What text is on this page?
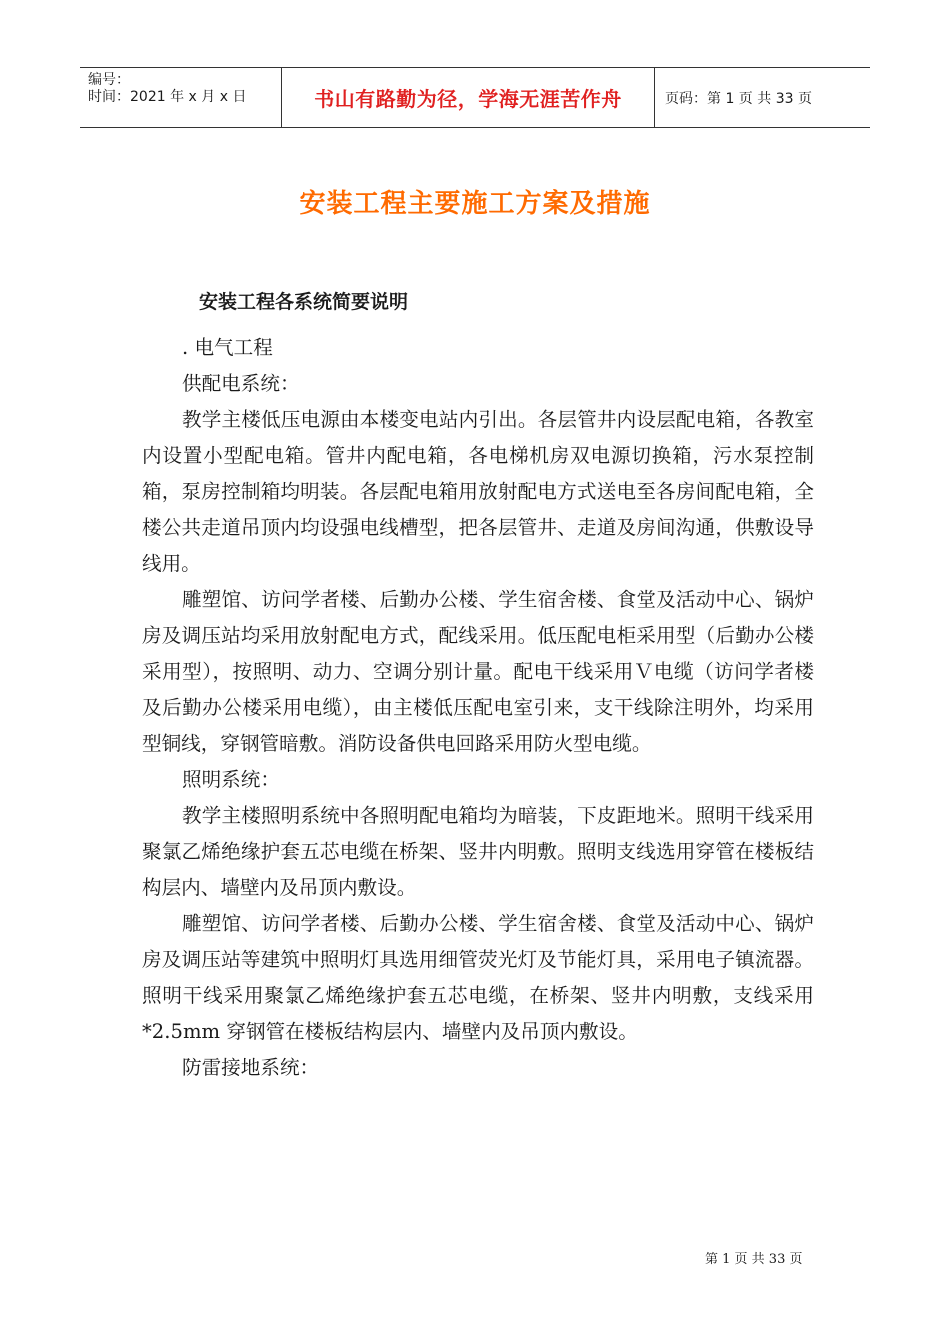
编号：
时间：2021 年 x 月 x 日	书山有路勤为径，学海无涯苦作舟	页码：第 1 页 共 33 页
安装工程主要施工方案及措施
安装工程各系统简要说明

. 电气工程

供配电系统：

教学主楼低压电源由本楼变电站内引出。各层管井内设层配电箱，各教室内设置小型配电箱。管井内配电箱，各电梯机房双电源切换箱，污水泵控制箱，泵房控制箱均明装。各层配电箱用放射配电方式送电至各房间配电箱，全楼公共走道吊顶内均设强电线槽型，把各层管井、走道及房间沟通，供敷设导线用。

雕塑馆、访问学者楼、后勤办公楼、学生宿舍楼、食堂及活动中心、锅炉房及调压站均采用放射配电方式，配线采用。低压配电柜采用型（后勤办公楼采用型），按照明、动力、空调分别计量。配电干线采用Ｖ电缆（访问学者楼及后勤办公楼采用电缆），由主楼低压配电室引来，支干线除注明外，均采用型铜线，穿钢管暗敷。消防设备供电回路采用防火型电缆。

照明系统：

教学主楼照明系统中各照明配电箱均为暗装，下皮距地米。照明干线采用聚氯乙烯绝缘护套五芯电缆在桥架、竖井内明敷。照明支线选用穿管在楼板结构层内、墙壁内及吊顶内敷设。

雕塑馆、访问学者楼、后勤办公楼、学生宿舍楼、食堂及活动中心、锅炉房及调压站等建筑中照明灯具选用细管荧光灯及节能灯具，采用电子镇流器。照明干线采用聚氯乙烯绝缘护套五芯电缆，在桥架、竖井内明敷，支线采用*2.5mm 穿钢管在楼板结构层内、墙壁内及吊顶内敷设。

防雷接地系统：

第 1 页 共 33 页
